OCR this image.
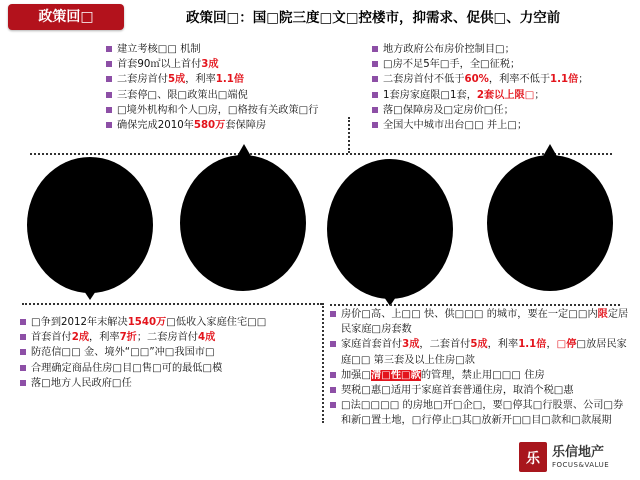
政策回□	政策回□：国□院三度□文□控楼市，抑需求、促供□、力空前
建立考核□□ 机制
首套90㎡以上首付3成
二套房首付5成，利率1.1倍
三套停□、限□政策出□端倪
□境外机构和个人□房，□格按有关政策□行
确保完成2010年580万套保障房
地方政府公布房价控制目□；
□房不足5年□手，全□征税；
二套房首付不低于60%，利率不低于1.1倍；
1套房家庭限□1套，2套以上限□；
落□保障房及□定房价□任；
全国大中城市出台□□ 并上□；
□争到2012年末解决1540万□低收入家庭住宅□□
首套首付2成，利率7折；二套房首付4成
防范信□□ 金、境外“□□”冲□我国市□
合理确定商品住房□目□售□可的最低□模
落□地方人民政府□任
房价□高、上□□ 快、供□□□ 的城市，要在一定□□内限定居民家庭□房套数
家庭首套首付3成，二套首付5成，利率1.1倍，□停□放居民家庭□□ 第三套及以上住房□款
加强□清□性□款的管理，禁止用□□□ 住房
契税□惠□适用于家庭首套普通住房，取消个税□惠
□法□□□□ 的房地□开□企□，要□停其□行股票、公司□券和新□置土地，□行停止□其□放新开□□目□款和□款展期
乐 乐信地产
FOCUS&VALUE
